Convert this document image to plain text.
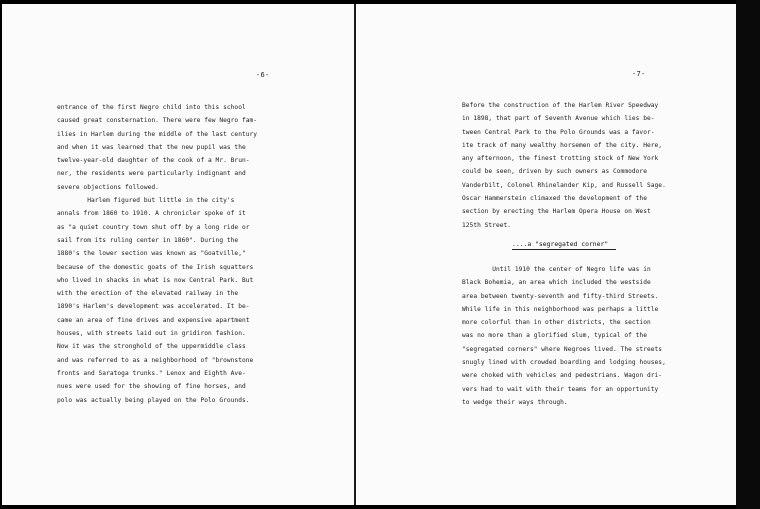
-6-
entrance of the first Negro child into this school
caused great consternation. There were few Negro fam-
ilies in Harlem during the middle of the last century
and when it was learned that the new pupil was the
twelve-year-old daughter of the cook of a Mr. Brun-
ner, the residents were particularly indignant and
severe objections followed.
Harlem figured but little in the city's
annals from 1860 to 1910. A chronicler spoke of it
as "a quiet country town shut off by a long ride or
sail from its ruling center in 1860". During the
1880's the lower section was known as "Goatville,"
because of the domestic goats of the Irish squatters
who lived in shacks in what is now Central Park. But
with the erection of the elevated railway in the
1890's Harlem's development was accelerated. It be-
came an area of fine drives and expensive apartment
houses, with streets laid out in gridiron fashion.
Now it was the stronghold of the uppermiddle class
and was referred to as a neighborhood of "brownstone
fronts and Saratoga trunks." Lenox and Eighth Ave-
nues were used for the showing of fine horses, and
polo was actually being played on the Polo Grounds.
-7-
Before the construction of the Harlem River Speedway
in 1898, that part of Seventh Avenue which lies be-
tween Central Park to the Polo Grounds was a favor-
ite track of many wealthy horsemen of the city. Here,
any afternoon, the finest trotting stock of New York
could be seen, driven by such owners as Commodore
Vanderbilt, Colonel Rhinelander Kip, and Russell Sage.
Oscar Hammerstein climaxed the development of the
section by erecting the Harlem Opera House on West
125th Street.
....a "segregated corner"
Until 1910 the center of Negro life was in
Black Bohemia, an area which included the westside
area between twenty-seventh and fifty-third Streets.
While life in this neighborhood was perhaps a little
more colorful than in other districts, the section
was no more than a glorified slum, typical of the
"segregated corners" where Negroes lived. The streets
snugly lined with crowded boarding and lodging houses,
were choked with vehicles and pedestrians. Wagon dri-
vers had to wait with their teams for an opportunity
to wedge their ways through.
